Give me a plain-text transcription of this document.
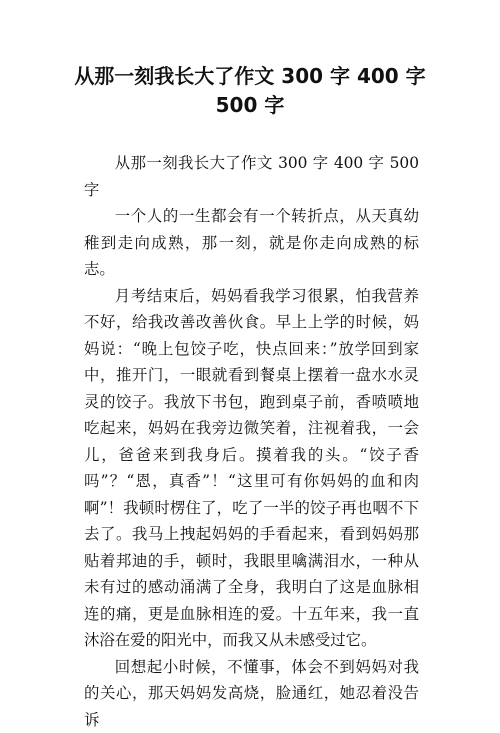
从那一刻我长大了作文 300 字 400 字 500 字

从那一刻我长大了作文 300 字 400 字 500 字

一个人的一生都会有一个转折点，从天真幼稚到走向成熟，那一刻，就是你走向成熟的标志。

月考结束后，妈妈看我学习很累，怕我营养不好，给我改善改善伙食。早上上学的时候，妈妈说：“晚上包饺子吃，快点回来：”放学回到家中，推开门，一眼就看到餐桌上摆着一盘水水灵灵的饺子。我放下书包，跑到桌子前，香喷喷地吃起来，妈妈在我旁边微笑着，注视着我，一会儿，爸爸来到我身后。摸着我的头。“饺子香吗”？“恩，真香”！“这里可有你妈妈的血和肉啊”！我顿时楞住了，吃了一半的饺子再也咽不下去了。我马上拽起妈妈的手看起来，看到妈妈那贴着邦迪的手，顿时，我眼里噙满泪水，一种从未有过的感动涌满了全身，我明白了这是血脉相连的痛，更是血脉相连的爱。十五年来，我一直沐浴在爱的阳光中，而我又从未感受过它。

回想起小时候，不懂事，体会不到妈妈对我的关心，那天妈妈发高烧，脸通红，她忍着没告诉
